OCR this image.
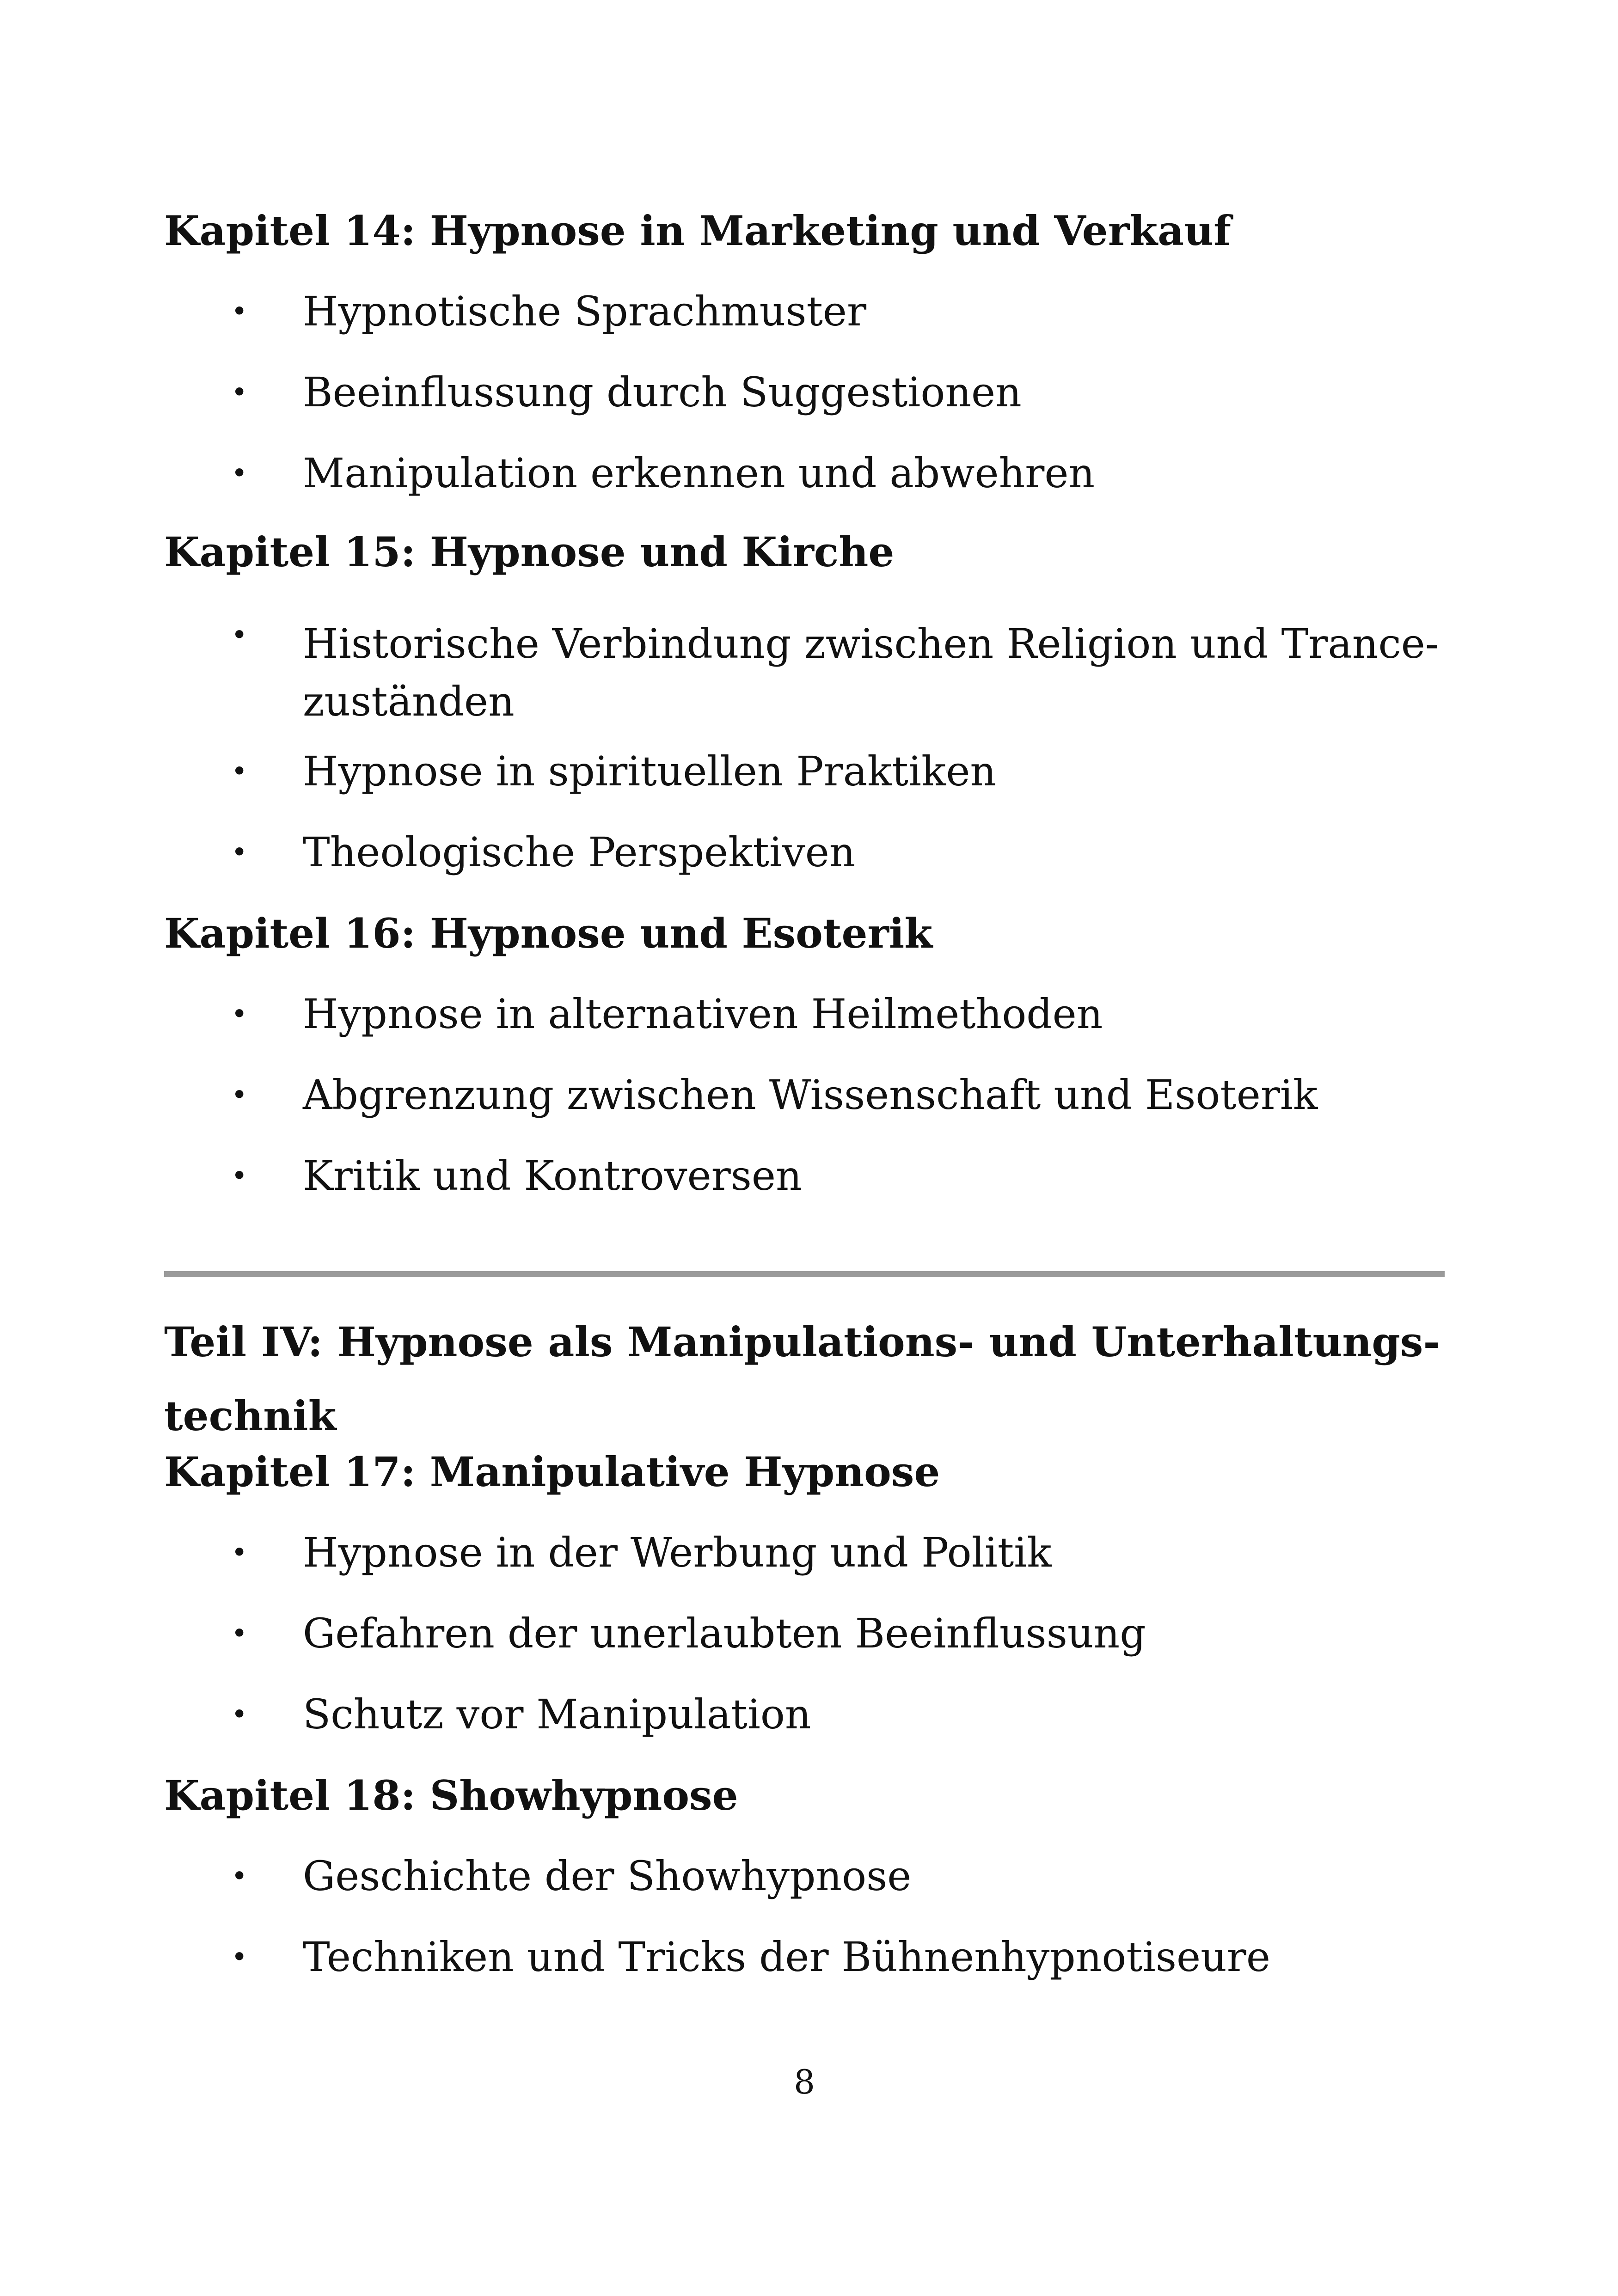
Kapitel 14: Hypnose in Marketing und Verkauf
•
Hypnotische Sprachmuster
•
Beeinflussung durch Suggestionen
•
Manipulation erkennen und abwehren
Kapitel 15: Hypnose und Kirche
•
Historische Verbindung zwischen Religion und Trance-
zuständen
•
Hypnose in spirituellen Praktiken
•
Theologische Perspektiven
Kapitel 16: Hypnose und Esoterik
•
Hypnose in alternativen Heilmethoden
•
Abgrenzung zwischen Wissenschaft und Esoterik
•
Kritik und Kontroversen
Teil IV: Hypnose als Manipulations- und Unterhaltungs-
technik
Kapitel 17: Manipulative Hypnose
•
Hypnose in der Werbung und Politik
•
Gefahren der unerlaubten Beeinflussung
•
Schutz vor Manipulation
Kapitel 18: Showhypnose
•
Geschichte der Showhypnose
•
Techniken und Tricks der Bühnenhypnotiseure
8
